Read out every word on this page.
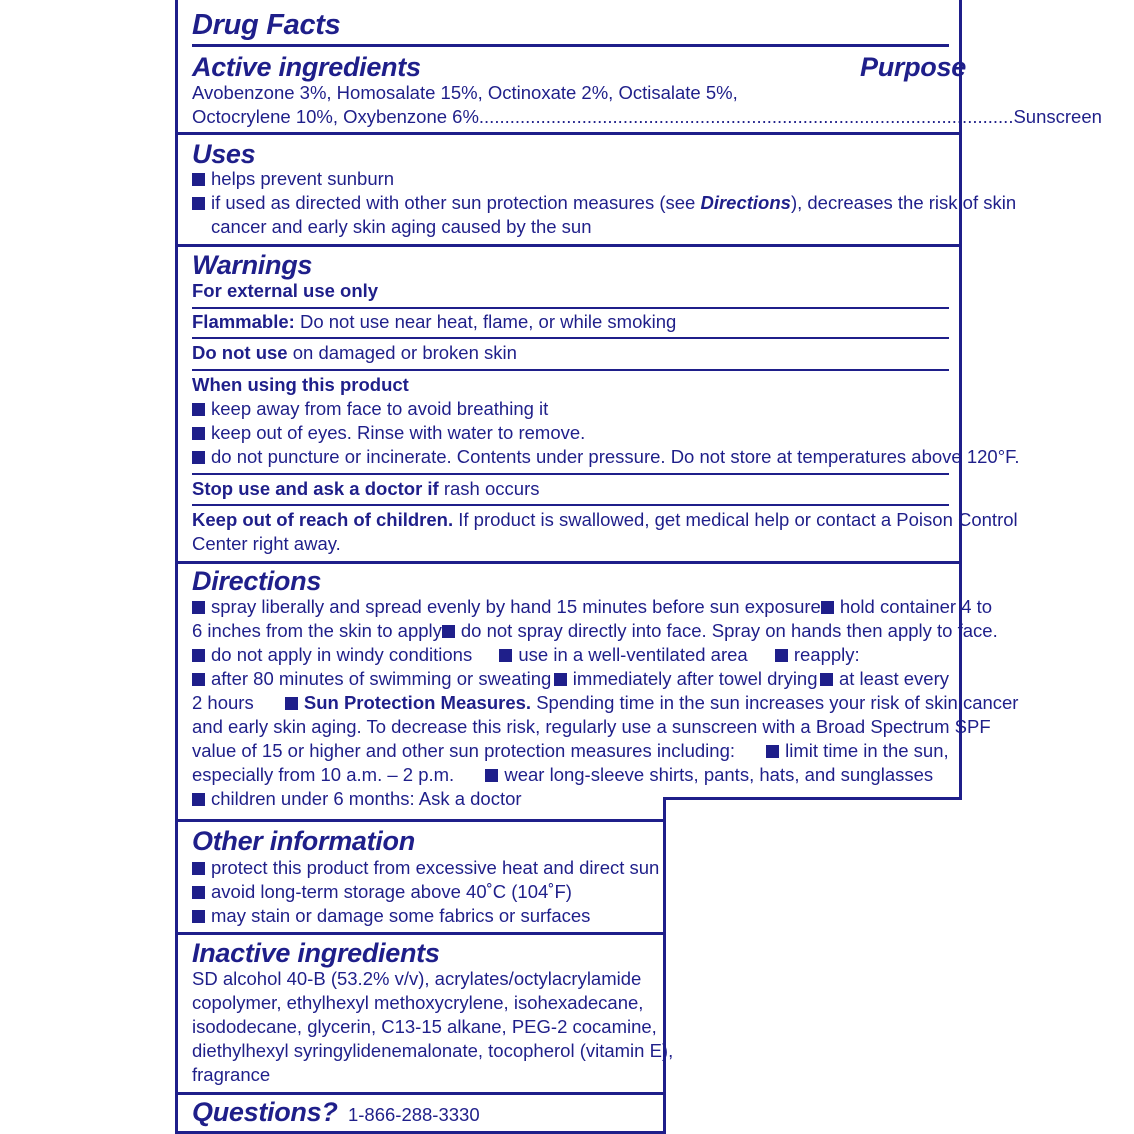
Drug Facts
Active ingredients	Purpose
Avobenzone 3%, Homosalate 15%, Octinoxate 2%, Octisalate 5%,
Octocrylene 10%, Oxybenzone 6% ........................................................................................................ Sunscreen
Uses
helps prevent sunburn
if used as directed with other sun protection measures (see Directions), decreases the risk of skin
cancer and early skin aging caused by the sun
Warnings
For external use only
Flammable: Do not use near heat, flame, or while smoking
Do not use on damaged or broken skin
When using this product
keep away from face to avoid breathing it
keep out of eyes. Rinse with water to remove.
do not puncture or incinerate. Contents under pressure. Do not store at temperatures above 120°F.
Stop use and ask a doctor if rash occurs
Keep out of reach of children. If product is swallowed, get medical help or contact a Poison Control
Center right away.
Directions
spray liberally and spread evenly by hand 15 minutes before sun exposure	hold container 4 to
6 inches from the skin to apply	do not spray directly into face. Spray on hands then apply to face.
do not apply in windy conditions use in a well-ventilated area reapply:
after 80 minutes of swimming or sweating	immediately after towel drying	at least every
2 hours	Sun Protection Measures. Spending time in the sun increases your risk of skin cancer
and early skin aging. To decrease this risk, regularly use a sunscreen with a Broad Spectrum SPF
value of 15 or higher and other sun protection measures including:	limit time in the sun,
especially from 10 a.m. – 2 p.m.	wear long-sleeve shirts, pants, hats, and sunglasses
children under 6 months: Ask a doctor
Other information
protect this product from excessive heat and direct sun
avoid long-term storage above 40˚C (104˚F)
may stain or damage some fabrics or surfaces
Inactive ingredients
SD alcohol 40-B (53.2% v/v), acrylates/octylacrylamide
copolymer, ethylhexyl methoxycrylene, isohexadecane,
isododecane, glycerin, C13-15 alkane, PEG-2 cocamine,
diethylhexyl syringylidenemalonate, tocopherol (vitamin E),
fragrance
Questions? 1-866-288-3330
